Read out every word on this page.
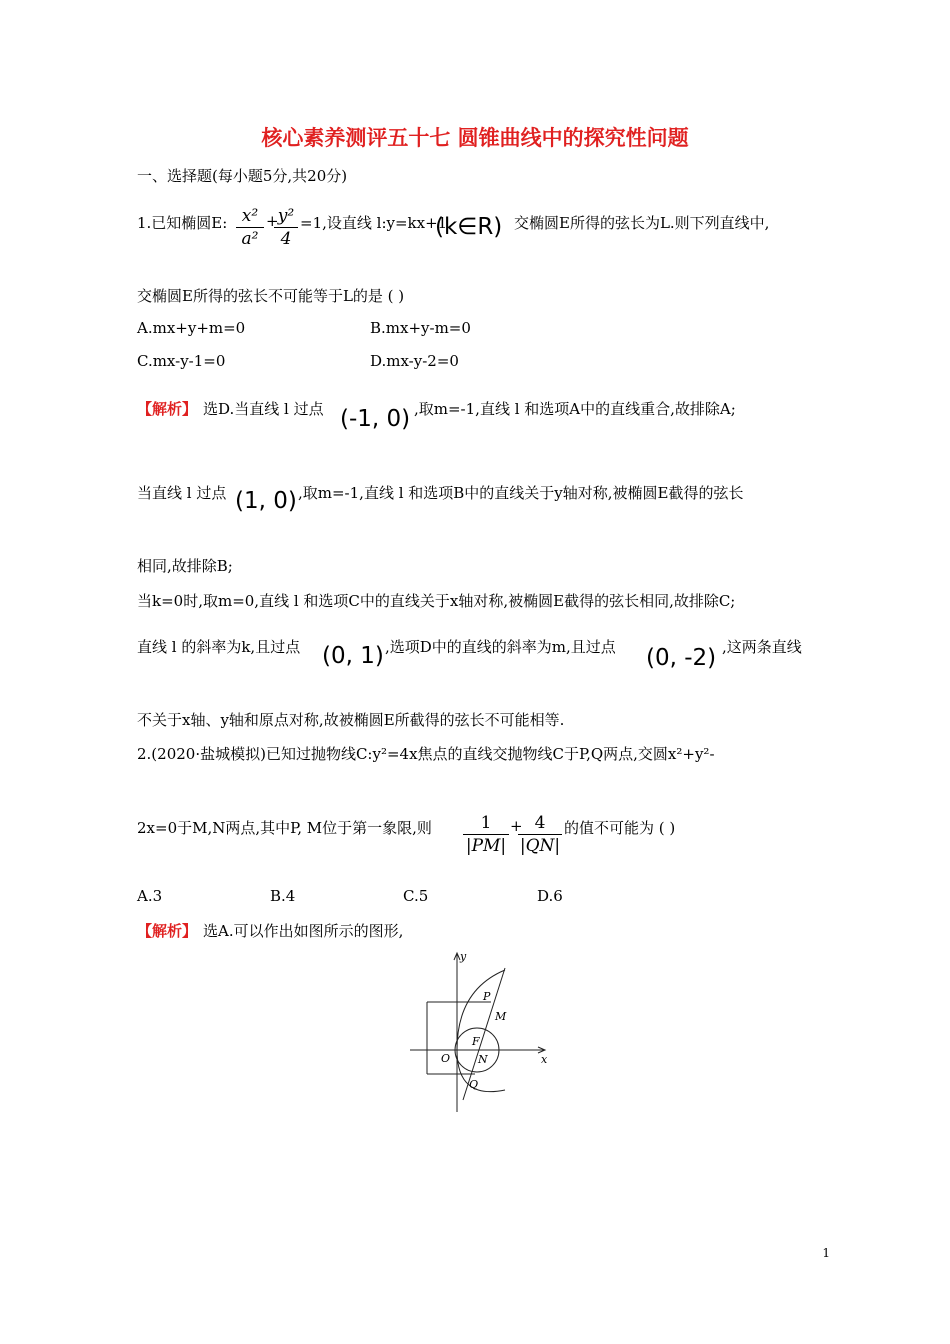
核心素养测评五十七 圆锥曲线中的探究性问题
一、选择题(每小题5分,共20分)
1.已知椭圆E: x²
a²
+ y²
4
=1,设直线 l:y=kx+1
(k∈R) 交椭圆E所得的弦长为L.则下列直线中,
交椭圆E所得的弦长不可能等于L的是 ( )
A.mx+y+m=0	B.mx+y-m=0
C.mx-y-1=0	D.mx-y-2=0
【解析】 选D.当直线 l 过点 (-1, 0) ,取m=-1,直线 l 和选项A中的直线重合,故排除A;
当直线 l 过点 (1, 0) ,取m=-1,直线 l 和选项B中的直线关于y轴对称,被椭圆E截得的弦长
相同,故排除B;
当k=0时,取m=0,直线 l 和选项C中的直线关于x轴对称,被椭圆E截得的弦长相同,故排除C;
直线 l 的斜率为k,且过点 (0, 1) ,选项D中的直线的斜率为m,且过点 (0, -2) ,这两条直线
不关于x轴、y轴和原点对称,故被椭圆E所截得的弦长不可能相等.
2.(2020·盐城模拟)已知过抛物线C:y²=4x焦点的直线交抛物线C于P,Q两点,交圆x²+y²-
2x=0于M,N两点,其中P, M位于第一象限,则	1
|PM|
+ 4
|QN|
的值不可能为 ( )
A.3	B.4	C.5	D.6
【解析】 选A.可以作出如图所示的图形,
y
x
O
P
M
F
N
Q
1
